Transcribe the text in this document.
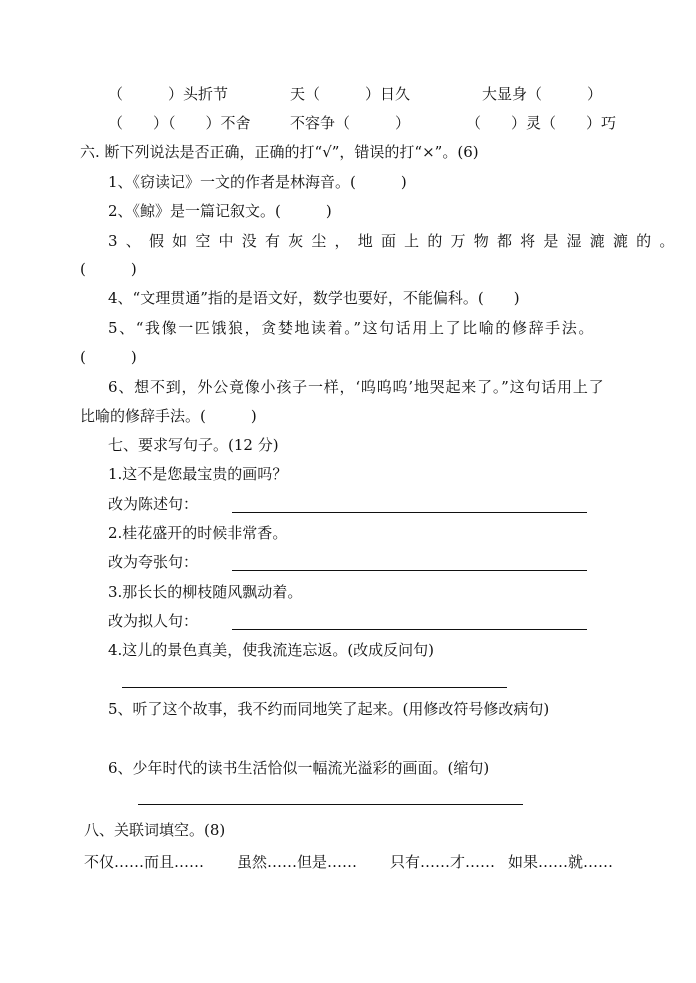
（　　　）头折节	天（　　　）日久	大显身（　　　）
（　　）（　　）不舍	不容争（　　　）	（　　）灵（　　）巧
六. 断下列说法是否正确，正确的打“√”，错误的打“×”。(6)
1、《窃读记》一文的作者是林海音。(　　　)
2、《鲸》是一篇记叙文。(　　　)
3、假如空中没有灰尘，地面上的万物都将是湿漉漉的。
(　　　)
4、“文理贯通”指的是语文好，数学也要好，不能偏科。(　　)
5、“我像一匹饿狼，贪婪地读着。”这句话用上了比喻的修辞手法。
(　　　)
6、想不到，外公竟像小孩子一样，‘呜呜呜’地哭起来了。”这句话用上了
比喻的修辞手法。(　　　)
七、要求写句子。(12 分)
1.这不是您最宝贵的画吗？
改为陈述句：
2.桂花盛开的时候非常香。
改为夸张句：
3.那长长的柳枝随风飘动着。
改为拟人句：
4.这儿的景色真美，使我流连忘返。(改成反问句)
5、听了这个故事，我不约而同地笑了起来。(用修改符号修改病句)
6、少年时代的读书生活恰似一幅流光溢彩的画面。(缩句)
八、关联词填空。(8)
不仅……而且…… 虽然……但是…… 只有……才…… 如果……就……
